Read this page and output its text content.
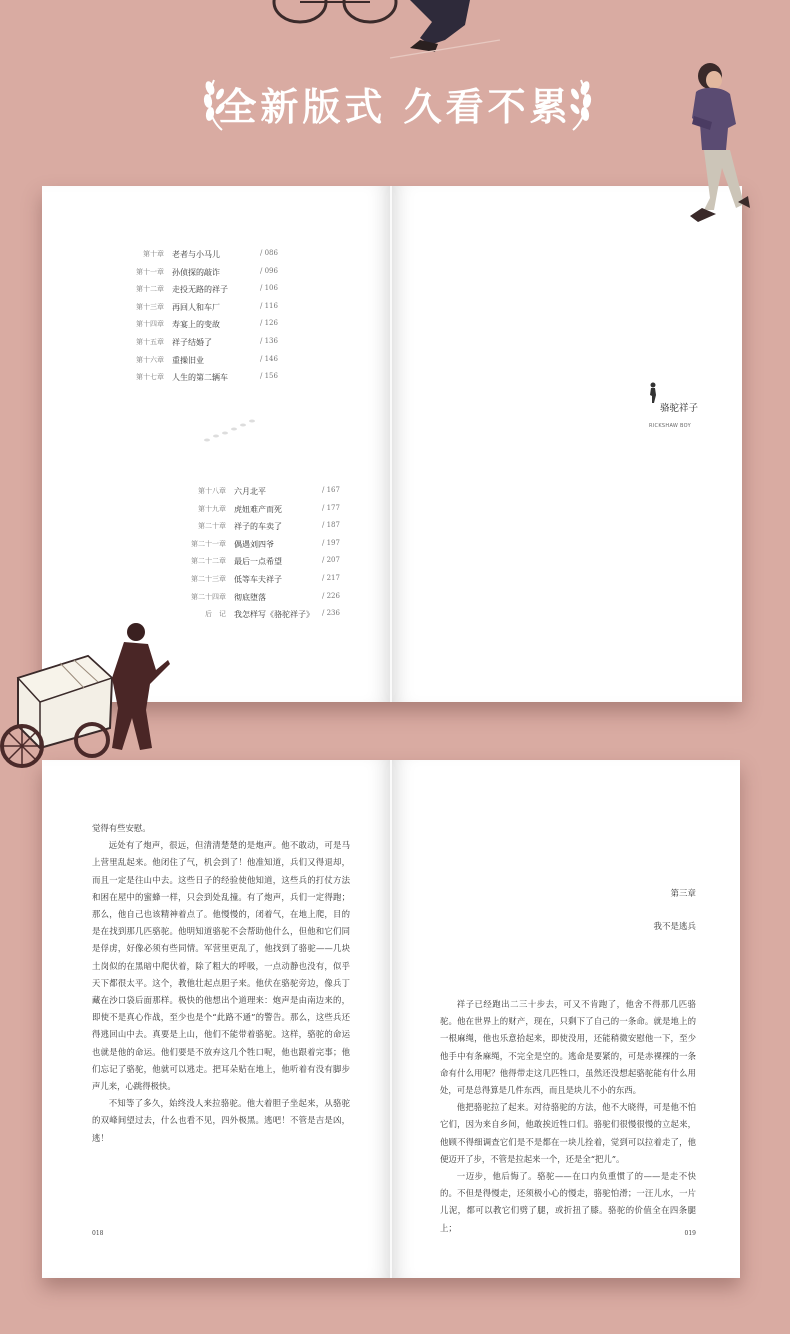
全新版式 久看不累
第十章 老者与小马儿	/ 086
第十一章 孙侦探的敲诈	/ 096
第十二章 走投无路的祥子	/ 106
第十三章 再回人和车厂	/ 116
第十四章 寿宴上的变故	/ 126
第十五章 祥子结婚了	/ 136
第十六章 重操旧业	/ 146
第十七章 人生的第二辆车	/ 156
第十八章 六月北平	/ 167
第十九章 虎妞难产而死	/ 177
第二十章 祥子的车卖了	/ 187
第二十一章 偶遇刘四爷	/ 197
第二十二章 最后一点希望	/ 207
第二十三章 低等车夫祥子	/ 217
第二十四章 彻底堕落	/ 226
后　记 我怎样写《骆驼祥子》 / 236
骆驼祥子
RICKSHAW BOY

觉得有些安慰。

远处有了炮声，很远，但清清楚楚的是炮声。他不敢动，可是马上营里乱起来。他闭住了气，机会到了！他准知道，兵们又得退却，而且一定是往山中去。这些日子的经验使他知道，这些兵的打仗方法和困在屋中的蜜蜂一样，只会到处乱撞。有了炮声，兵们一定得跑；那么，他自己也该精神着点了。他慢慢的，闭着气，在地上爬，目的是在找到那几匹骆驼。他明知道骆驼不会帮助他什么，但他和它们同是俘虏，好像必须有些同情。军营里更乱了，他找到了骆驼——几块土岗似的在黑暗中爬伏着，除了粗大的呼吸，一点动静也没有，似乎天下都很太平。这个，教他壮起点胆子来。他伏在骆驼旁边，像兵丁藏在沙口袋后面那样。极快的他想出个道理来：炮声是由南边来的，即使不是真心作战，至少也是个“此路不通”的警告。那么，这些兵还得逃回山中去。真要是上山，他们不能带着骆驼。这样，骆驼的命运也就是他的命运。他们要是不放弃这几个牲口呢，他也跟着完事；他们忘记了骆驼，他就可以逃走。把耳朵贴在地上，他听着有没有脚步声儿来，心跳得极快。

不知等了多久，始终没人来拉骆驼。他大着胆子坐起来，从骆驼的双峰间望过去，什么也看不见，四外极黑。逃吧！不管是吉是凶，逃！

018
第三章
我不是逃兵

祥子已经跑出二三十步去，可又不肯跑了，他舍不得那几匹骆驼。他在世界上的财产，现在，只剩下了自己的一条命。就是地上的一根麻绳，他也乐意拾起来，即使没用，还能稍微安慰他一下，至少他手中有条麻绳，不完全是空的。逃命是要紧的，可是赤裸裸的一条命有什么用呢？他得带走这几匹牲口，虽然还没想起骆驼能有什么用处，可是总得算是几件东西，而且是块儿不小的东西。

他把骆驼拉了起来。对待骆驼的方法，他不大晓得，可是他不怕它们，因为来自乡间，他敢挨近牲口们。骆驼们很慢很慢的立起来，他顾不得细调查它们是不是都在一块儿拴着，觉到可以拉着走了，他便迈开了步，不管是拉起来一个，还是全“把儿”。

一迈步，他后悔了。骆驼——在口内负重惯了的——是走不快的。不但是得慢走，还须极小心的慢走，骆驼怕滑；一汪儿水，一片儿泥，都可以教它们劈了腿，或折扭了膝。骆驼的价值全在四条腿上；

019
